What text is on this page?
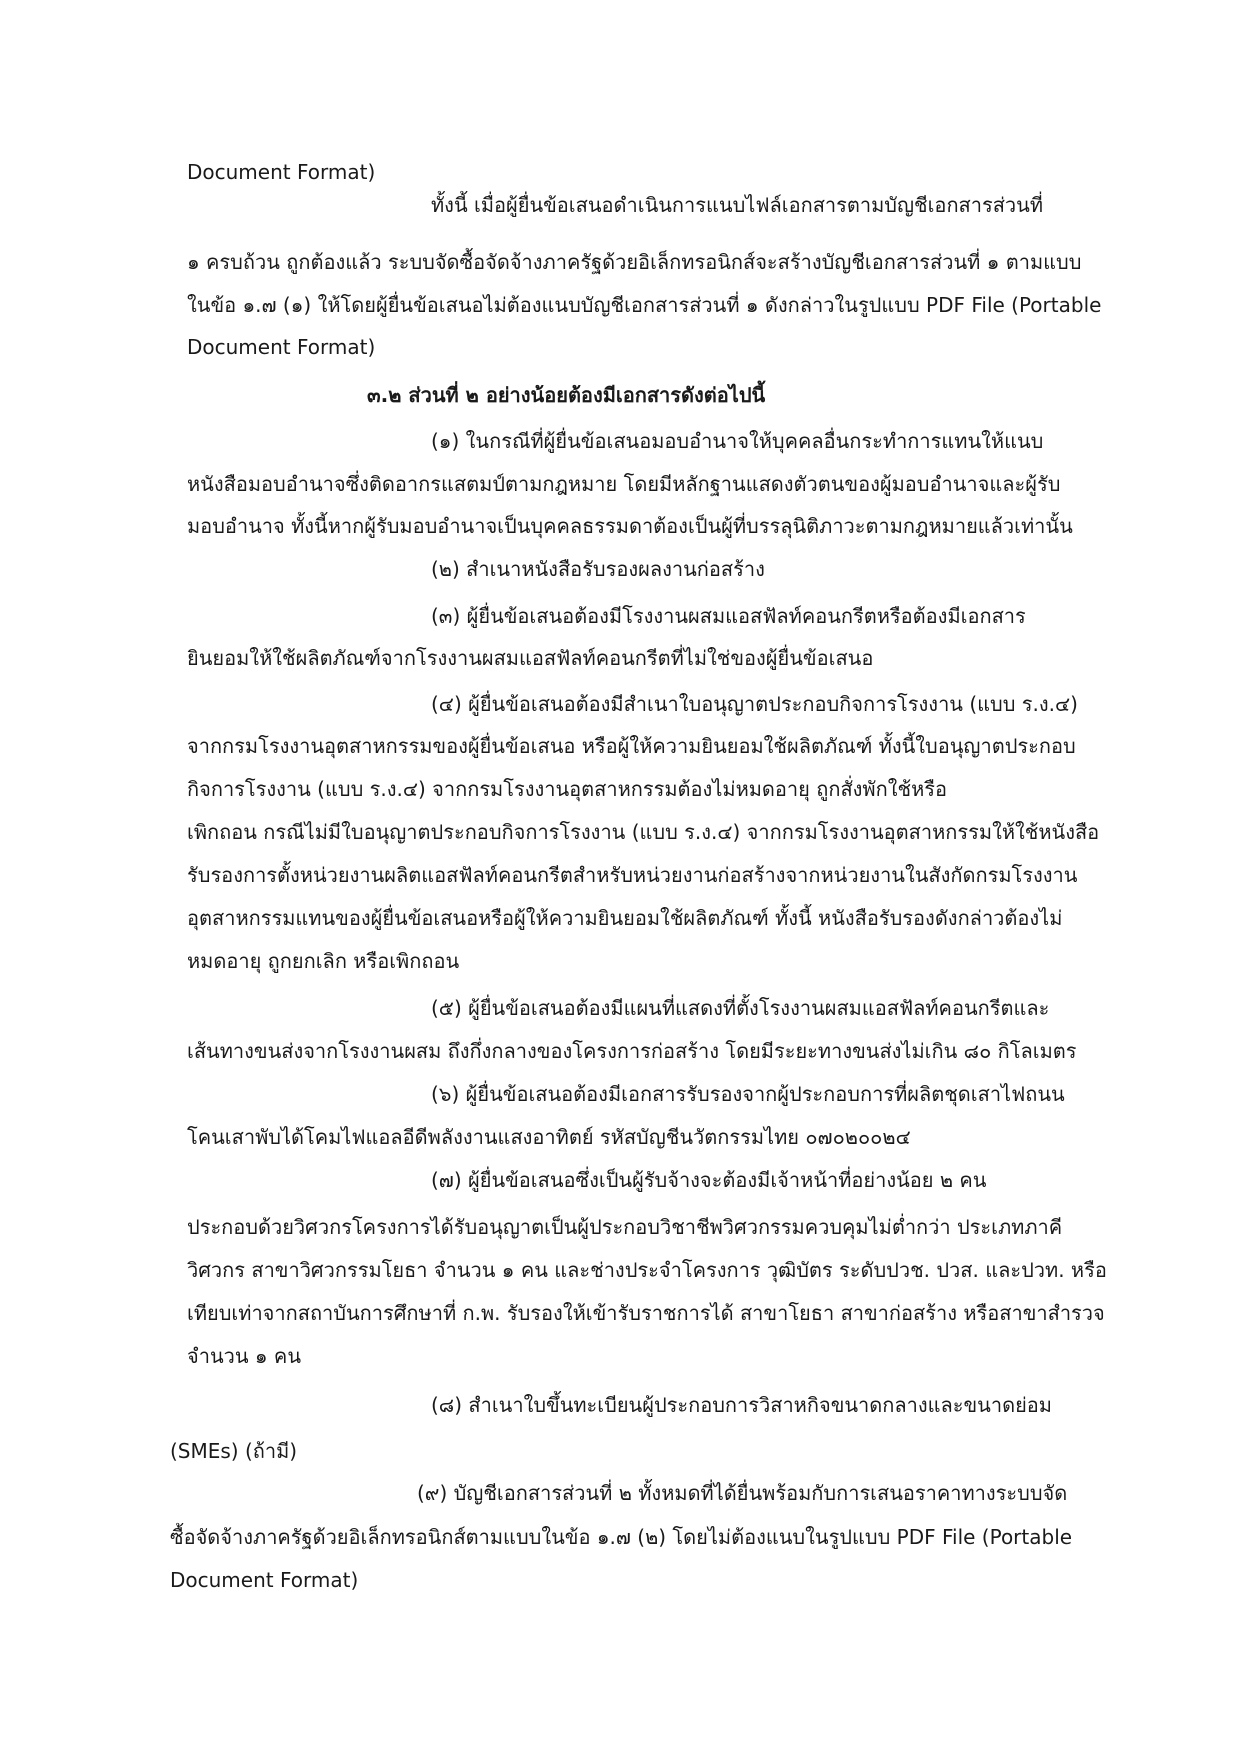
Document Format)
ทั้งนี้ เมื่อผู้ยื่นข้อเสนอดำเนินการแนบไฟล์เอกสารตามบัญชีเอกสารส่วนที่
๑ ครบถ้วน ถูกต้องแล้ว ระบบจัดซื้อจัดจ้างภาครัฐด้วยอิเล็กทรอนิกส์จะสร้างบัญชีเอกสารส่วนที่ ๑ ตามแบบ
ในข้อ ๑.๗ (๑) ให้โดยผู้ยื่นข้อเสนอไม่ต้องแนบบัญชีเอกสารส่วนที่ ๑ ดังกล่าวในรูปแบบ PDF File (Portable
Document Format)
๓.๒ ส่วนที่ ๒ อย่างน้อยต้องมีเอกสารดังต่อไปนี้
(๑) ในกรณีที่ผู้ยื่นข้อเสนอมอบอำนาจให้บุคคลอื่นกระทำการแทนให้แนบ
หนังสือมอบอำนาจซึ่งติดอากรแสตมป์ตามกฎหมาย โดยมีหลักฐานแสดงตัวตนของผู้มอบอำนาจและผู้รับ
มอบอำนาจ ทั้งนี้หากผู้รับมอบอำนาจเป็นบุคคลธรรมดาต้องเป็นผู้ที่บรรลุนิติภาวะตามกฎหมายแล้วเท่านั้น
(๒) สำเนาหนังสือรับรองผลงานก่อสร้าง
(๓) ผู้ยื่นข้อเสนอต้องมีโรงงานผสมแอสฟัลท์คอนกรีตหรือต้องมีเอกสาร
ยินยอมให้ใช้ผลิตภัณฑ์จากโรงงานผสมแอสฟัลท์คอนกรีตที่ไม่ใช่ของผู้ยื่นข้อเสนอ
(๔) ผู้ยื่นข้อเสนอต้องมีสำเนาใบอนุญาตประกอบกิจการโรงงาน (แบบ ร.ง.๔)
จากกรมโรงงานอุตสาหกรรมของผู้ยื่นข้อเสนอ หรือผู้ให้ความยินยอมใช้ผลิตภัณฑ์ ทั้งนี้ใบอนุญาตประกอบ
กิจการโรงงาน (แบบ ร.ง.๔) จากกรมโรงงานอุตสาหกรรมต้องไม่หมดอายุ ถูกสั่งพักใช้หรือ
เพิกถอน กรณีไม่มีใบอนุญาตประกอบกิจการโรงงาน (แบบ ร.ง.๔) จากกรมโรงงานอุตสาหกรรมให้ใช้หนังสือ
รับรองการตั้งหน่วยงานผลิตแอสฟัลท์คอนกรีตสำหรับหน่วยงานก่อสร้างจากหน่วยงานในสังกัดกรมโรงงาน
อุตสาหกรรมแทนของผู้ยื่นข้อเสนอหรือผู้ให้ความยินยอมใช้ผลิตภัณฑ์ ทั้งนี้ หนังสือรับรองดังกล่าวต้องไม่
หมดอายุ ถูกยกเลิก หรือเพิกถอน
(๕) ผู้ยื่นข้อเสนอต้องมีแผนที่แสดงที่ตั้งโรงงานผสมแอสฟัลท์คอนกรีตและ
เส้นทางขนส่งจากโรงงานผสม ถึงกึ่งกลางของโครงการก่อสร้าง โดยมีระยะทางขนส่งไม่เกิน ๘๐ กิโลเมตร
(๖) ผู้ยื่นข้อเสนอต้องมีเอกสารรับรองจากผู้ประกอบการที่ผลิตชุดเสาไฟถนน
โคนเสาพับได้โคมไฟแอลอีดีพลังงานแสงอาทิตย์ รหัสบัญชีนวัตกรรมไทย ๐๗๐๒๐๐๒๔
(๗) ผู้ยื่นข้อเสนอซึ่งเป็นผู้รับจ้างจะต้องมีเจ้าหน้าที่อย่างน้อย ๒ คน
ประกอบด้วยวิศวกรโครงการได้รับอนุญาตเป็นผู้ประกอบวิชาชีพวิศวกรรมควบคุมไม่ต่ำกว่า ประเภทภาคี
วิศวกร สาขาวิศวกรรมโยธา จำนวน ๑ คน และช่างประจำโครงการ วุฒิบัตร ระดับปวช. ปวส. และปวท. หรือ
เทียบเท่าจากสถาบันการศึกษาที่ ก.พ. รับรองให้เข้ารับราชการได้ สาขาโยธา สาขาก่อสร้าง หรือสาขาสำรวจ
จำนวน ๑ คน
(๘) สำเนาใบขึ้นทะเบียนผู้ประกอบการวิสาหกิจขนาดกลางและขนาดย่อม
(SMEs) (ถ้ามี)
(๙) บัญชีเอกสารส่วนที่ ๒ ทั้งหมดที่ได้ยื่นพร้อมกับการเสนอราคาทางระบบจัด
ซื้อจัดจ้างภาครัฐด้วยอิเล็กทรอนิกส์ตามแบบในข้อ ๑.๗ (๒) โดยไม่ต้องแนบในรูปแบบ PDF File (Portable
Document Format)
